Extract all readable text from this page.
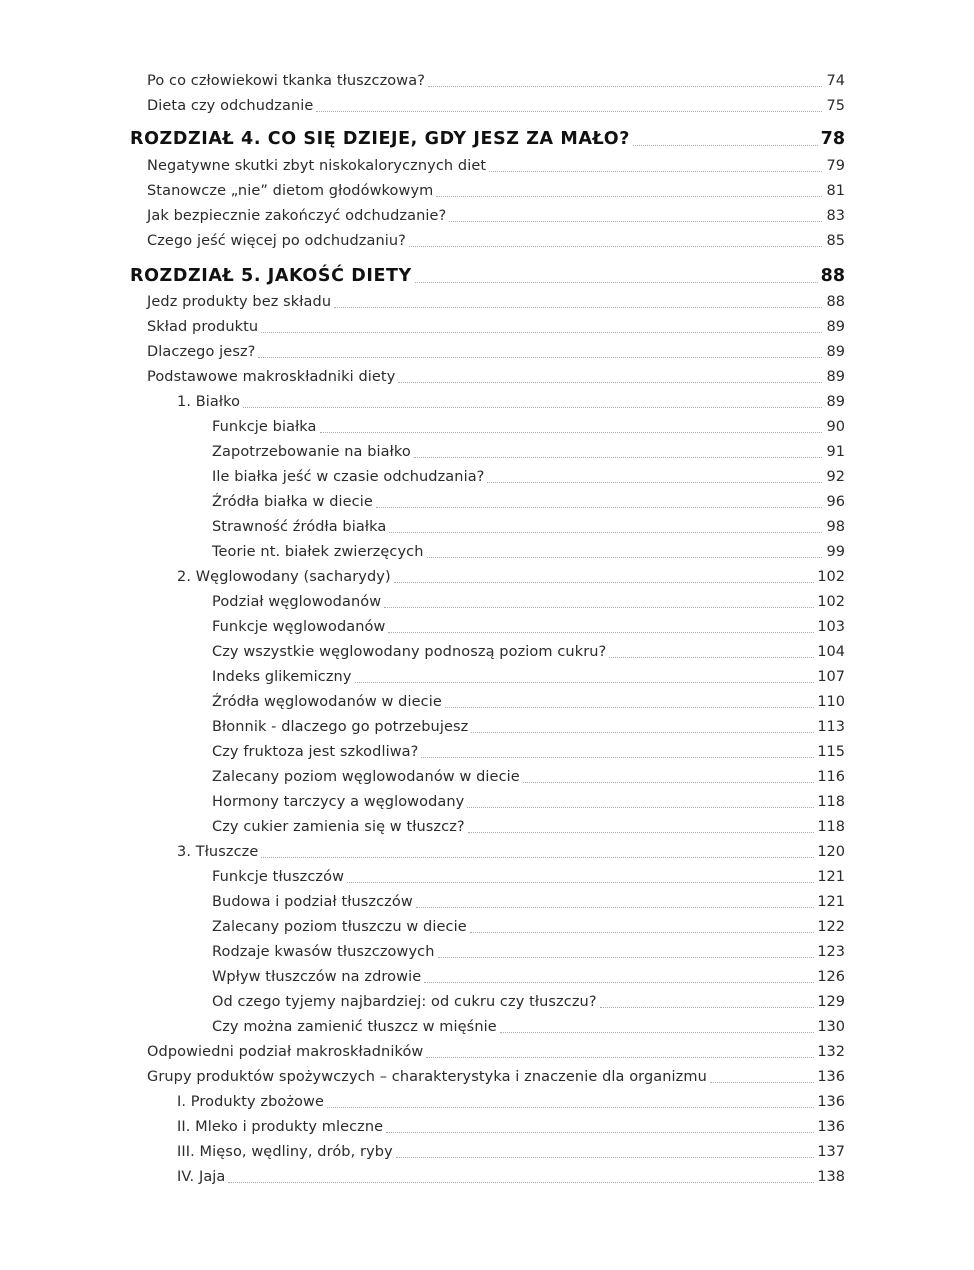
Po co człowiekowi tkanka tłuszczowa?	74
Dieta czy odchudzanie	75
ROZDZIAŁ 4. CO SIĘ DZIEJE, GDY JESZ ZA MAŁO?	78
Negatywne skutki zbyt niskokalorycznych diet	79
Stanowcze „nie” dietom głodówkowym	81
Jak bezpiecznie zakończyć odchudzanie?	83
Czego jeść więcej po odchudzaniu?	85
ROZDZIAŁ 5. JAKOŚĆ DIETY	88
Jedz produkty bez składu	88
Skład produktu	89
Dlaczego jesz?	89
Podstawowe makroskładniki diety	89
1. Białko	89
Funkcje białka	90
Zapotrzebowanie na białko	91
Ile białka jeść w czasie odchudzania?	92
Źródła białka w diecie	96
Strawność źródła białka	98
Teorie nt. białek zwierzęcych	99
2. Węglowodany (sacharydy)	102
Podział węglowodanów	102
Funkcje węglowodanów	103
Czy wszystkie węglowodany podnoszą poziom cukru?	104
Indeks glikemiczny	107
Źródła węglowodanów w diecie	110
Błonnik - dlaczego go potrzebujesz	113
Czy fruktoza jest szkodliwa?	115
Zalecany poziom węglowodanów w diecie	116
Hormony tarczycy a węglowodany	118
Czy cukier zamienia się w tłuszcz?	118
3. Tłuszcze	120
Funkcje tłuszczów	121
Budowa i podział tłuszczów	121
Zalecany poziom tłuszczu w diecie	122
Rodzaje kwasów tłuszczowych	123
Wpływ tłuszczów na zdrowie	126
Od czego tyjemy najbardziej: od cukru czy tłuszczu?	129
Czy można zamienić tłuszcz w mięśnie	130
Odpowiedni podział makroskładników	132
Grupy produktów spożywczych – charakterystyka i znaczenie dla organizmu	136
I. Produkty zbożowe	136
II. Mleko i produkty mleczne	136
III. Mięso, wędliny, drób, ryby	137
IV. Jaja	138
